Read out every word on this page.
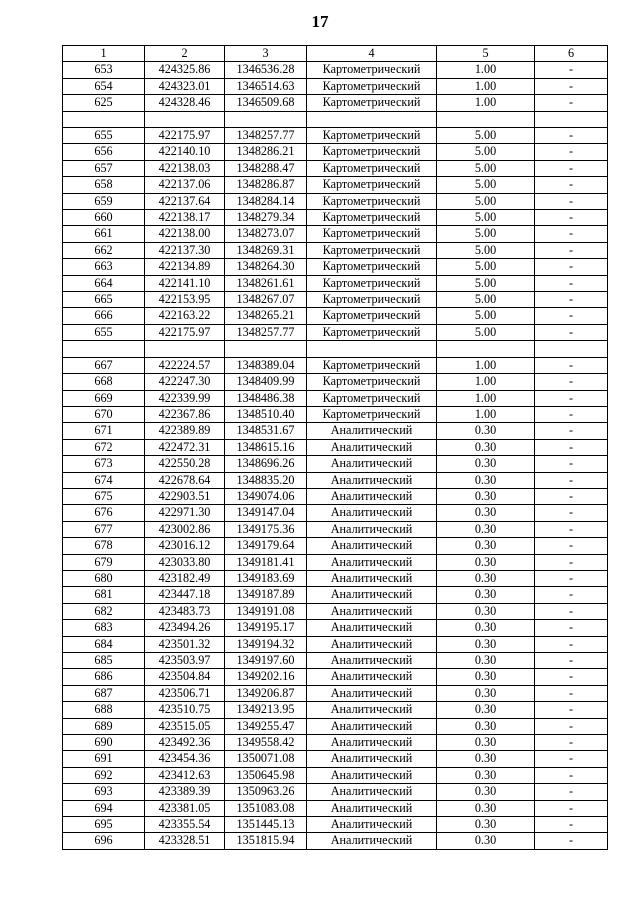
17
1	2	3	4	5	6
653	424325.86	1346536.28	Картометрический	1.00	-
654	424323.01	1346514.63	Картометрический	1.00	-
625	424328.46	1346509.68	Картометрический	1.00	-

655	422175.97	1348257.77	Картометрический	5.00	-
656	422140.10	1348286.21	Картометрический	5.00	-
657	422138.03	1348288.47	Картометрический	5.00	-
658	422137.06	1348286.87	Картометрический	5.00	-
659	422137.64	1348284.14	Картометрический	5.00	-
660	422138.17	1348279.34	Картометрический	5.00	-
661	422138.00	1348273.07	Картометрический	5.00	-
662	422137.30	1348269.31	Картометрический	5.00	-
663	422134.89	1348264.30	Картометрический	5.00	-
664	422141.10	1348261.61	Картометрический	5.00	-
665	422153.95	1348267.07	Картометрический	5.00	-
666	422163.22	1348265.21	Картометрический	5.00	-
655	422175.97	1348257.77	Картометрический	5.00	-

667	422224.57	1348389.04	Картометрический	1.00	-
668	422247.30	1348409.99	Картометрический	1.00	-
669	422339.99	1348486.38	Картометрический	1.00	-
670	422367.86	1348510.40	Картометрический	1.00	-
671	422389.89	1348531.67	Аналитический	0.30	-
672	422472.31	1348615.16	Аналитический	0.30	-
673	422550.28	1348696.26	Аналитический	0.30	-
674	422678.64	1348835.20	Аналитический	0.30	-
675	422903.51	1349074.06	Аналитический	0.30	-
676	422971.30	1349147.04	Аналитический	0.30	-
677	423002.86	1349175.36	Аналитический	0.30	-
678	423016.12	1349179.64	Аналитический	0.30	-
679	423033.80	1349181.41	Аналитический	0.30	-
680	423182.49	1349183.69	Аналитический	0.30	-
681	423447.18	1349187.89	Аналитический	0.30	-
682	423483.73	1349191.08	Аналитический	0.30	-
683	423494.26	1349195.17	Аналитический	0.30	-
684	423501.32	1349194.32	Аналитический	0.30	-
685	423503.97	1349197.60	Аналитический	0.30	-
686	423504.84	1349202.16	Аналитический	0.30	-
687	423506.71	1349206.87	Аналитический	0.30	-
688	423510.75	1349213.95	Аналитический	0.30	-
689	423515.05	1349255.47	Аналитический	0.30	-
690	423492.36	1349558.42	Аналитический	0.30	-
691	423454.36	1350071.08	Аналитический	0.30	-
692	423412.63	1350645.98	Аналитический	0.30	-
693	423389.39	1350963.26	Аналитический	0.30	-
694	423381.05	1351083.08	Аналитический	0.30	-
695	423355.54	1351445.13	Аналитический	0.30	-
696	423328.51	1351815.94	Аналитический	0.30	-
